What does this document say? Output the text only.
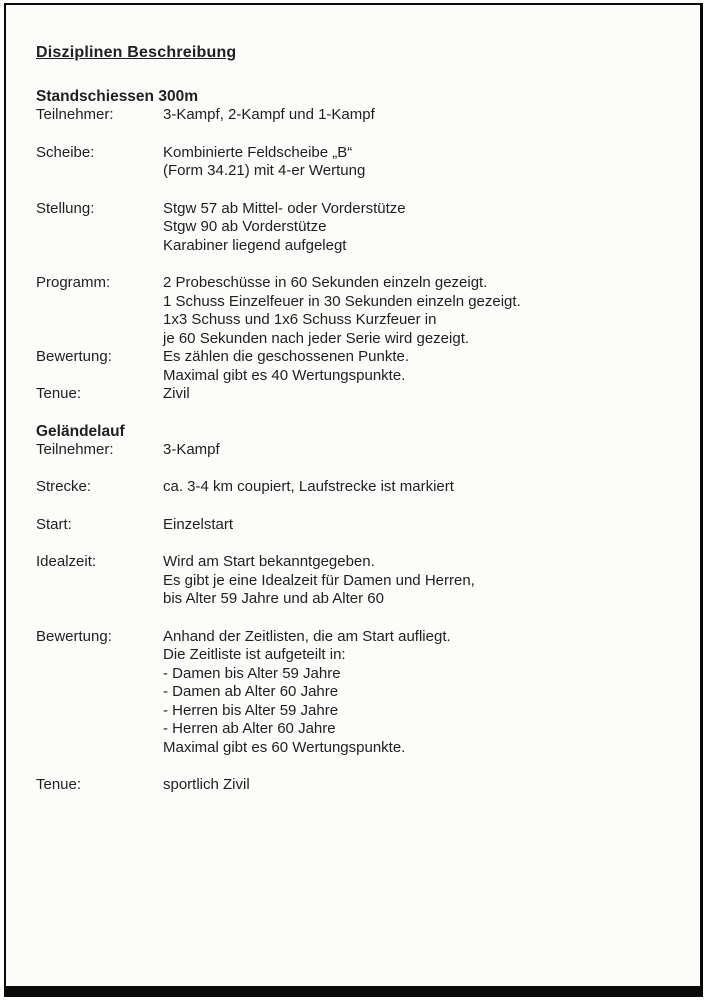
Disziplinen Beschreibung
Standschiessen 300m
Teilnehmer:	3-Kampf, 2-Kampf und 1-Kampf
Scheibe:	Kombinierte Feldscheibe „B“
(Form 34.21) mit 4-er Wertung
Stellung:	Stgw 57 ab Mittel- oder Vorderstütze
Stgw 90 ab Vorderstütze
Karabiner liegend aufgelegt
Programm:	2 Probeschüsse in 60 Sekunden einzeln gezeigt.
1 Schuss Einzelfeuer in 30 Sekunden einzeln gezeigt.
1x3 Schuss und 1x6 Schuss Kurzfeuer in
je 60 Sekunden nach jeder Serie wird gezeigt.
Bewertung:	Es zählen die geschossenen Punkte.
Maximal gibt es 40 Wertungspunkte.
Tenue:	Zivil
Geländelauf
Teilnehmer:	3-Kampf
Strecke:	ca. 3-4 km coupiert, Laufstrecke ist markiert
Start:	Einzelstart
Idealzeit:	Wird am Start bekanntgegeben.
Es gibt je eine Idealzeit für Damen und Herren,
bis Alter 59 Jahre und ab Alter 60
Bewertung:	Anhand der Zeitlisten, die am Start aufliegt.
Die Zeitliste ist aufgeteilt in:
- Damen bis Alter 59 Jahre
- Damen ab Alter 60 Jahre
- Herren bis Alter 59 Jahre
- Herren ab Alter 60 Jahre
Maximal gibt es 60 Wertungspunkte.
Tenue:	sportlich Zivil
